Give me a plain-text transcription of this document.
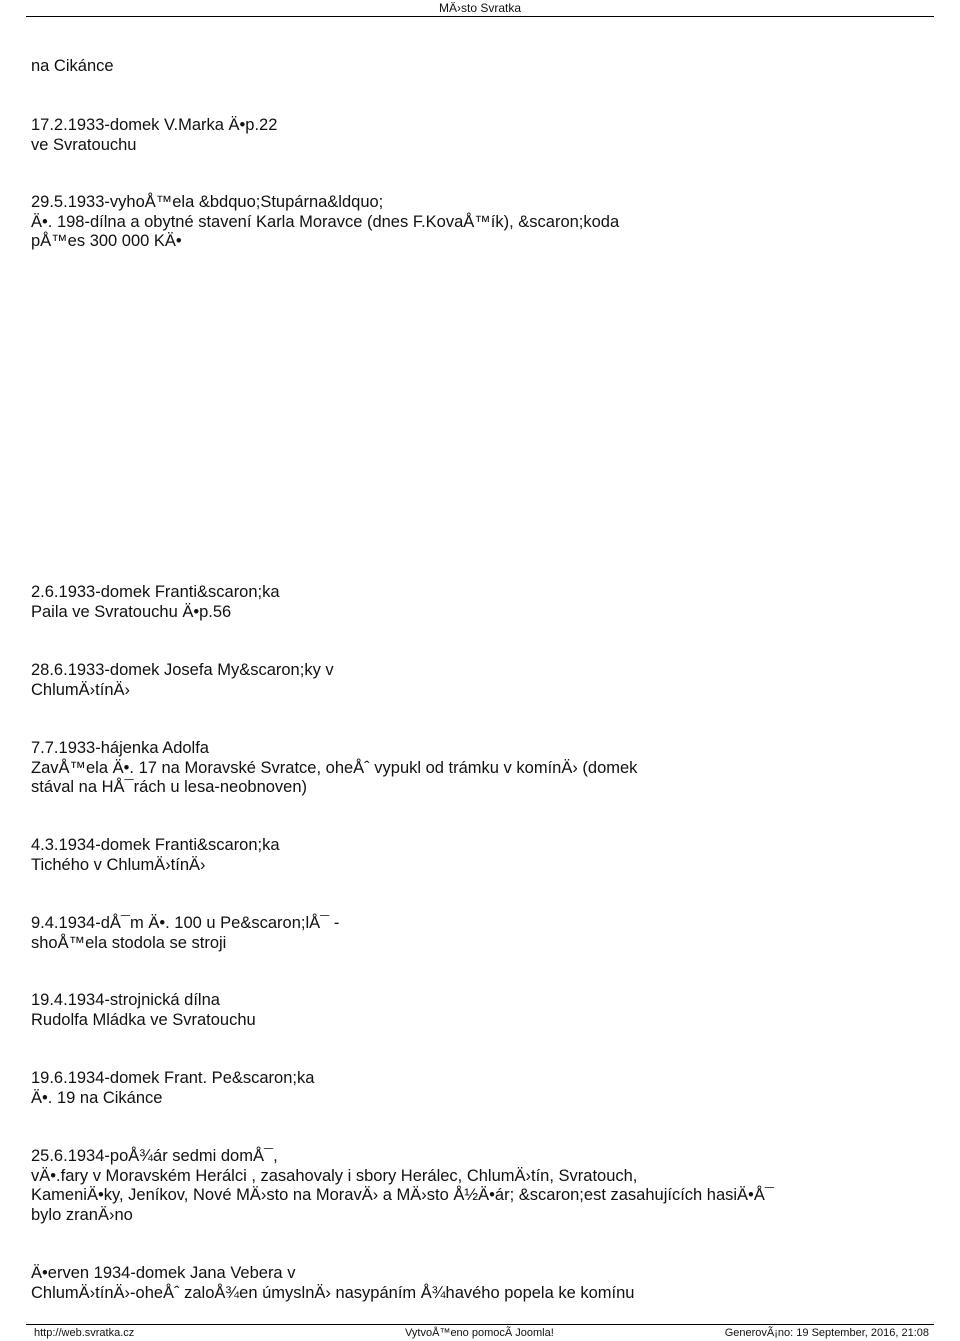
MÄ›sto Svratka
na Cikánce
17.2.1933-domek V.Marka Ä•p.22
ve Svratouchu
29.5.1933-vyhoÅ™ela &bdquo;Stupárna&ldquo;
Ä•. 198-dílna a obytné stavení Karla Moravce (dnes F.KovaÅ™ík), &scaron;koda
pÅ™es 300 000 KÄ•
2.6.1933-domek Franti&scaron;ka
Paila ve Svratouchu Ä•p.56
28.6.1933-domek Josefa My&scaron;ky v
ChlumÄ›tínÄ›
7.7.1933-hájenka Adolfa
ZavÅ™ela Ä•. 17 na Moravské Svratce, oheÅˆ vypukl od trámku v komínÄ› (domek
stával na HÅ¯rách u lesa-neobnoven)
4.3.1934-domek Franti&scaron;ka
Tichého v ChlumÄ›tínÄ›
9.4.1934-dÅ¯m Ä•. 100 u Pe&scaron;lÅ¯ -
shoÅ™ela stodola se stroji
19.4.1934-strojnická dílna
Rudolfa Mládka ve Svratouchu
19.6.1934-domek Frant. Pe&scaron;ka
Ä•. 19 na Cikánce
25.6.1934-poÅ¾ár sedmi domÅ¯,
vÄ•.fary v Moravském Herálci , zasahovaly i sbory Herálec, ChlumÄ›tín, Svratouch,
KameniÄ•ky, Jeníkov, Nové MÄ›sto na MoravÄ› a MÄ›sto Å½Ä•ár; &scaron;est zasahujících hasiÄ•Å¯
bylo zranÄ›no
Ä•erven 1934-domek Jana Vebera v
ChlumÄ›tínÄ›-oheÅˆ zaloÅ¾en úmyslnÄ› nasypáním Å¾havého popela ke komínu
http://web.svratka.cz	VytvoÅ™eno pomocÃ Joomla!	GenerovÃ¡no: 19 September, 2016, 21:08
